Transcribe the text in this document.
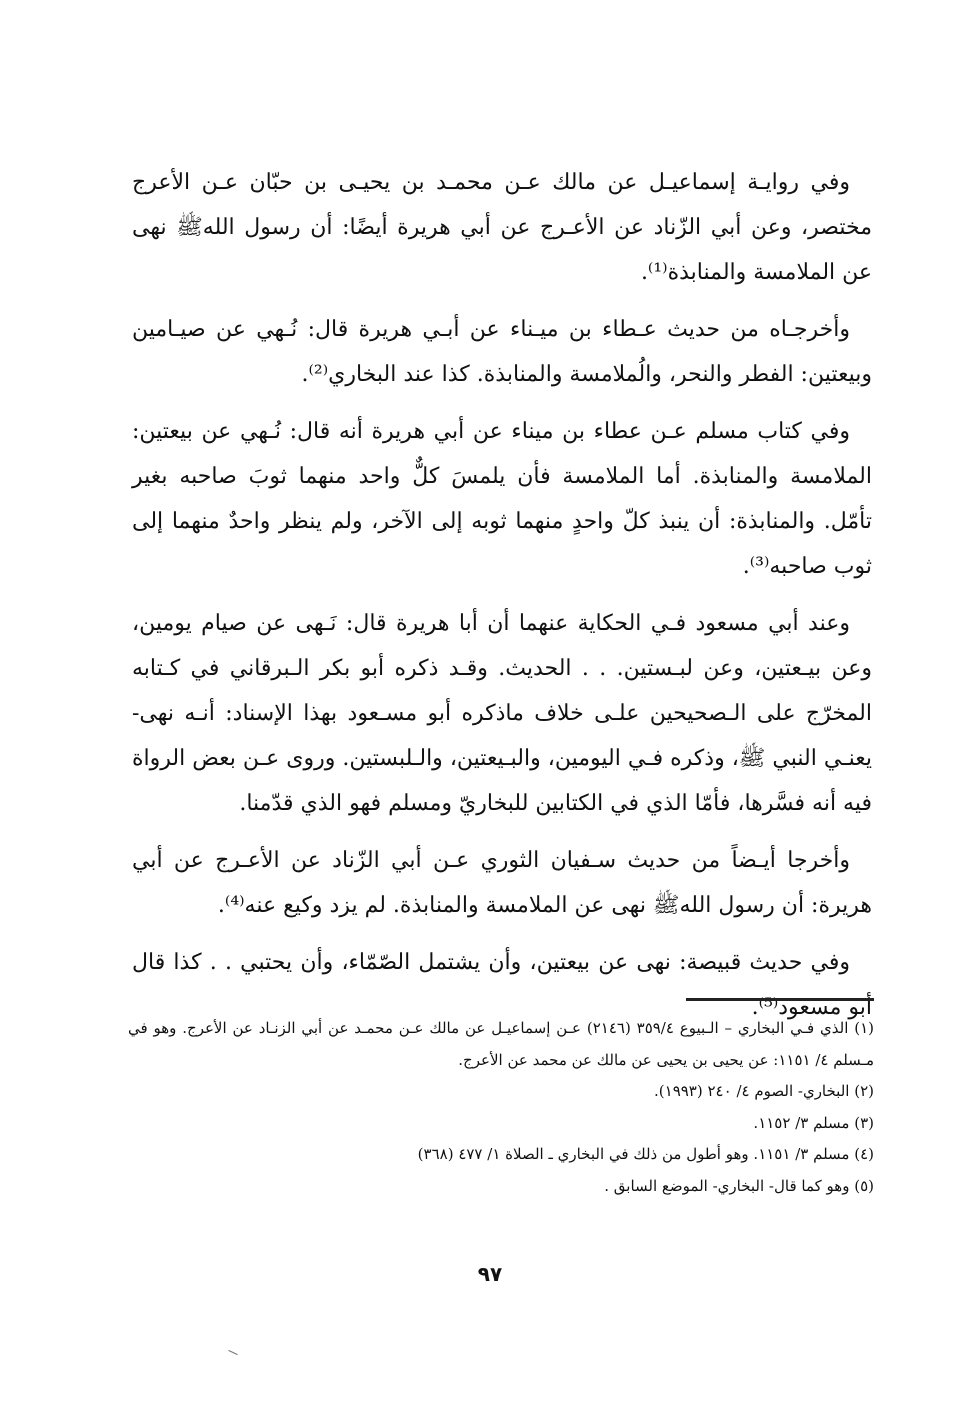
وفي روايـة إسماعيـل عن مالك عـن محمـد بن يحيـى بن حبّان عـن الأعرج مختصر، وعن أبي الزّناد عن الأعـرج عن أبي هريرة أيضًا: أن رسول اللهﷺ نهى عن الملامسة والمنابذة⁽¹⁾.

وأخرجـاه من حديث عـطاء بن ميـناء عن أبـي هريرة قال: نُـهي عن صيـامين وبيعتين: الفطر والنحر، والُملامسة والمنابذة. كذا عند البخاري⁽²⁾.

وفي كتاب مسلم عـن عطاء بن ميناء عن أبي هريرة أنه قال: نُـهي عن بيعتين: الملامسة والمنابذة. أما الملامسة فأن يلمسَ كلٌّ واحد منهما ثوبَ صاحبه بغير تأمّل. والمنابذة: أن ينبذ كلّ واحدٍ منهما ثوبه إلى الآخر، ولم ينظر واحدٌ منهما إلى ثوب صاحبه⁽³⁾.

وعند أبي مسعود فـي الحكاية عنهما أن أبا هريرة قال: نَـهى عن صيام يومين، وعن بيـعتين، وعن لبـستين. . . الحديث. وقـد ذكره أبو بكر الـبرقاني في كـتابه المخرّج على الـصحيحين علـى خلاف ماذكره أبو مسـعود بهذا الإسناد: أنـه نهى- يعنـي النبي ﷺ، وذكره فـي اليومين، والبـيعتين، والـلبستين. وروى عـن بعض الرواة فيه أنه فسَّرها، فأمّا الذي في الكتابين للبخاريّ ومسلم فهو الذي قدّمنا.

وأخرجا أيـضاً من حديث سـفيان الثوري عـن أبي الزّناد عن الأعـرج عن أبي هريرة: أن رسول اللهﷺ نهى عن الملامسة والمنابذة. لم يزد وكيع عنه⁽⁴⁾.

وفي حديث قبيصة: نهى عن بيعتين، وأن يشتمل الصّمّاء، وأن يحتبي . . كذا قال أبو مسعود⁽⁵⁾.

(١) الذي فـي البخاري – الـبيوع ٣٥٩/٤ (٢١٤٦) عـن إسماعيـل عن مالك عـن محمـد عن أبي الزنـاد عن الأعرج. وهو في مـسلم ٤/ ١١٥١: عن يحيى بن يحيى عن مالك عن محمد عن الأعرج.

(٢) البخاري- الصوم ٤/ ٢٤٠ (١٩٩٣).

(٣) مسلم ٣/ ١١٥٢.

(٤) مسلم ٣/ ١١٥١. وهو أطول من ذلك في البخاري ـ الصلاة ١/ ٤٧٧ (٣٦٨)

(٥) وهو كما قال- البخاري- الموضع السابق .

٩٧
